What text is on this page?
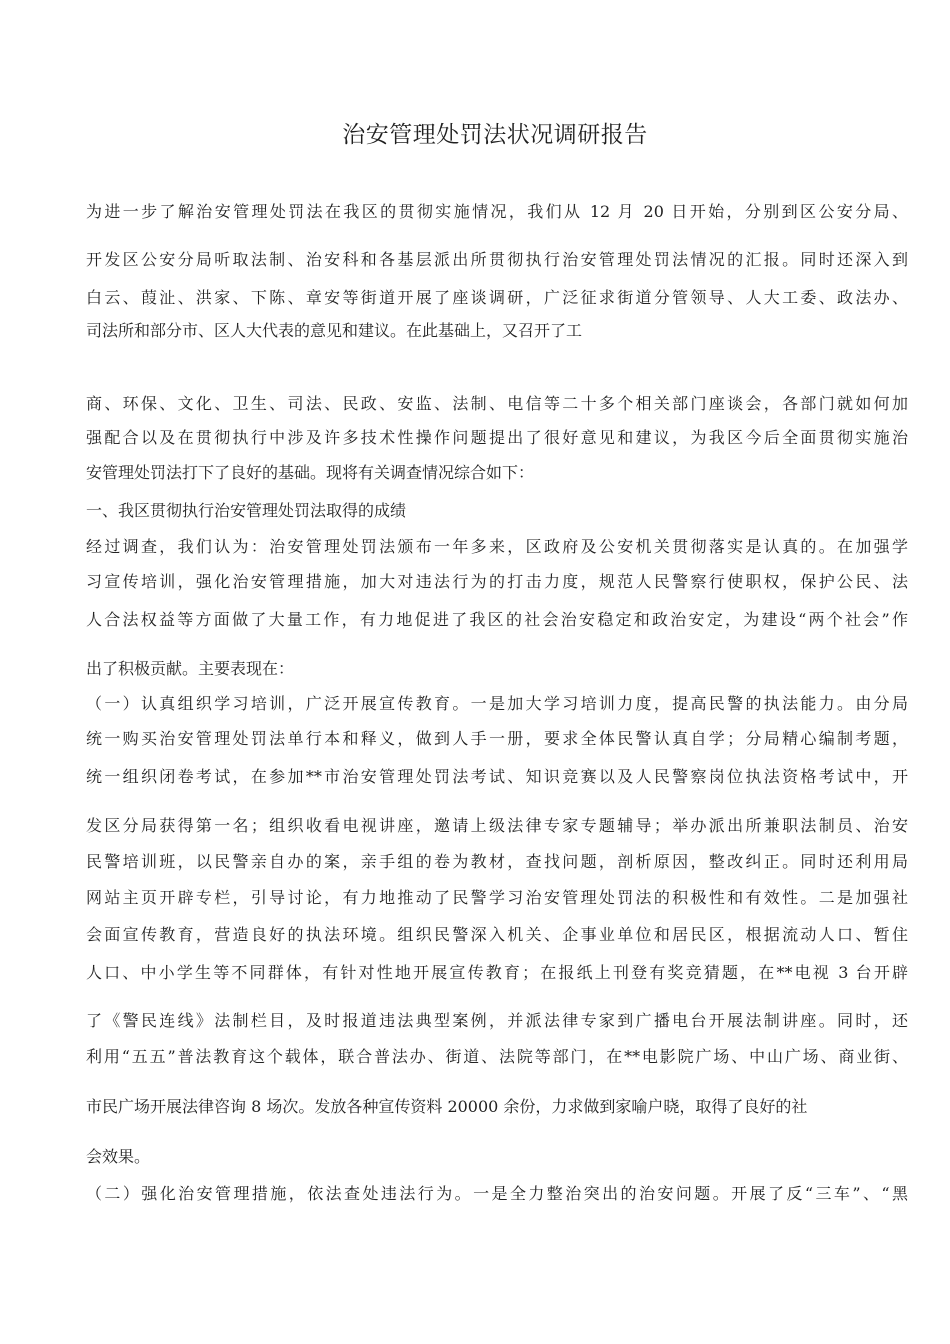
治安管理处罚法状况调研报告
为进一步了解治安管理处罚法在我区的贯彻实施情况，我们从 12 月 20 日开始，分别到区公安分局、
开发区公安分局听取法制、治安科和各基层派出所贯彻执行治安管理处罚法情况的汇报。同时还深入到
白云、葭沚、洪家、下陈、章安等街道开展了座谈调研，广泛征求街道分管领导、人大工委、政法办、
司法所和部分市、区人大代表的意见和建议。在此基础上，又召开了工
商、环保、文化、卫生、司法、民政、安监、法制、电信等二十多个相关部门座谈会，各部门就如何加
强配合以及在贯彻执行中涉及许多技术性操作问题提出了很好意见和建议，为我区今后全面贯彻实施治
安管理处罚法打下了良好的基础。现将有关调查情况综合如下：
一、我区贯彻执行治安管理处罚法取得的成绩
经过调查，我们认为：治安管理处罚法颁布一年多来，区政府及公安机关贯彻落实是认真的。在加强学
习宣传培训，强化治安管理措施，加大对违法行为的打击力度，规范人民警察行使职权，保护公民、法
人合法权益等方面做了大量工作，有力地促进了我区的社会治安稳定和政治安定，为建设“两个社会”作
出了积极贡献。主要表现在：
（一）认真组织学习培训，广泛开展宣传教育。一是加大学习培训力度，提高民警的执法能力。由分局
统一购买治安管理处罚法单行本和释义，做到人手一册，要求全体民警认真自学；分局精心编制考题，
统一组织闭卷考试，在参加**市治安管理处罚法考试、知识竞赛以及人民警察岗位执法资格考试中，开
发区分局获得第一名；组织收看电视讲座，邀请上级法律专家专题辅导；举办派出所兼职法制员、治安
民警培训班，以民警亲自办的案，亲手组的卷为教材，查找问题，剖析原因，整改纠正。同时还利用局
网站主页开辟专栏，引导讨论，有力地推动了民警学习治安管理处罚法的积极性和有效性。二是加强社
会面宣传教育，营造良好的执法环境。组织民警深入机关、企事业单位和居民区，根据流动人口、暂住
人口、中小学生等不同群体，有针对性地开展宣传教育；在报纸上刊登有奖竞猜题，在**电视 3 台开辟
了《警民连线》法制栏目，及时报道违法典型案例，并派法律专家到广播电台开展法制讲座。同时，还
利用“五五”普法教育这个载体，联合普法办、街道、法院等部门，在**电影院广场、中山广场、商业街、
市民广场开展法律咨询 8 场次。发放各种宣传资料 20000 余份，力求做到家喻户晓，取得了良好的社
会效果。
（二）强化治安管理措施，依法查处违法行为。一是全力整治突出的治安问题。开展了反“三车”、“黑
